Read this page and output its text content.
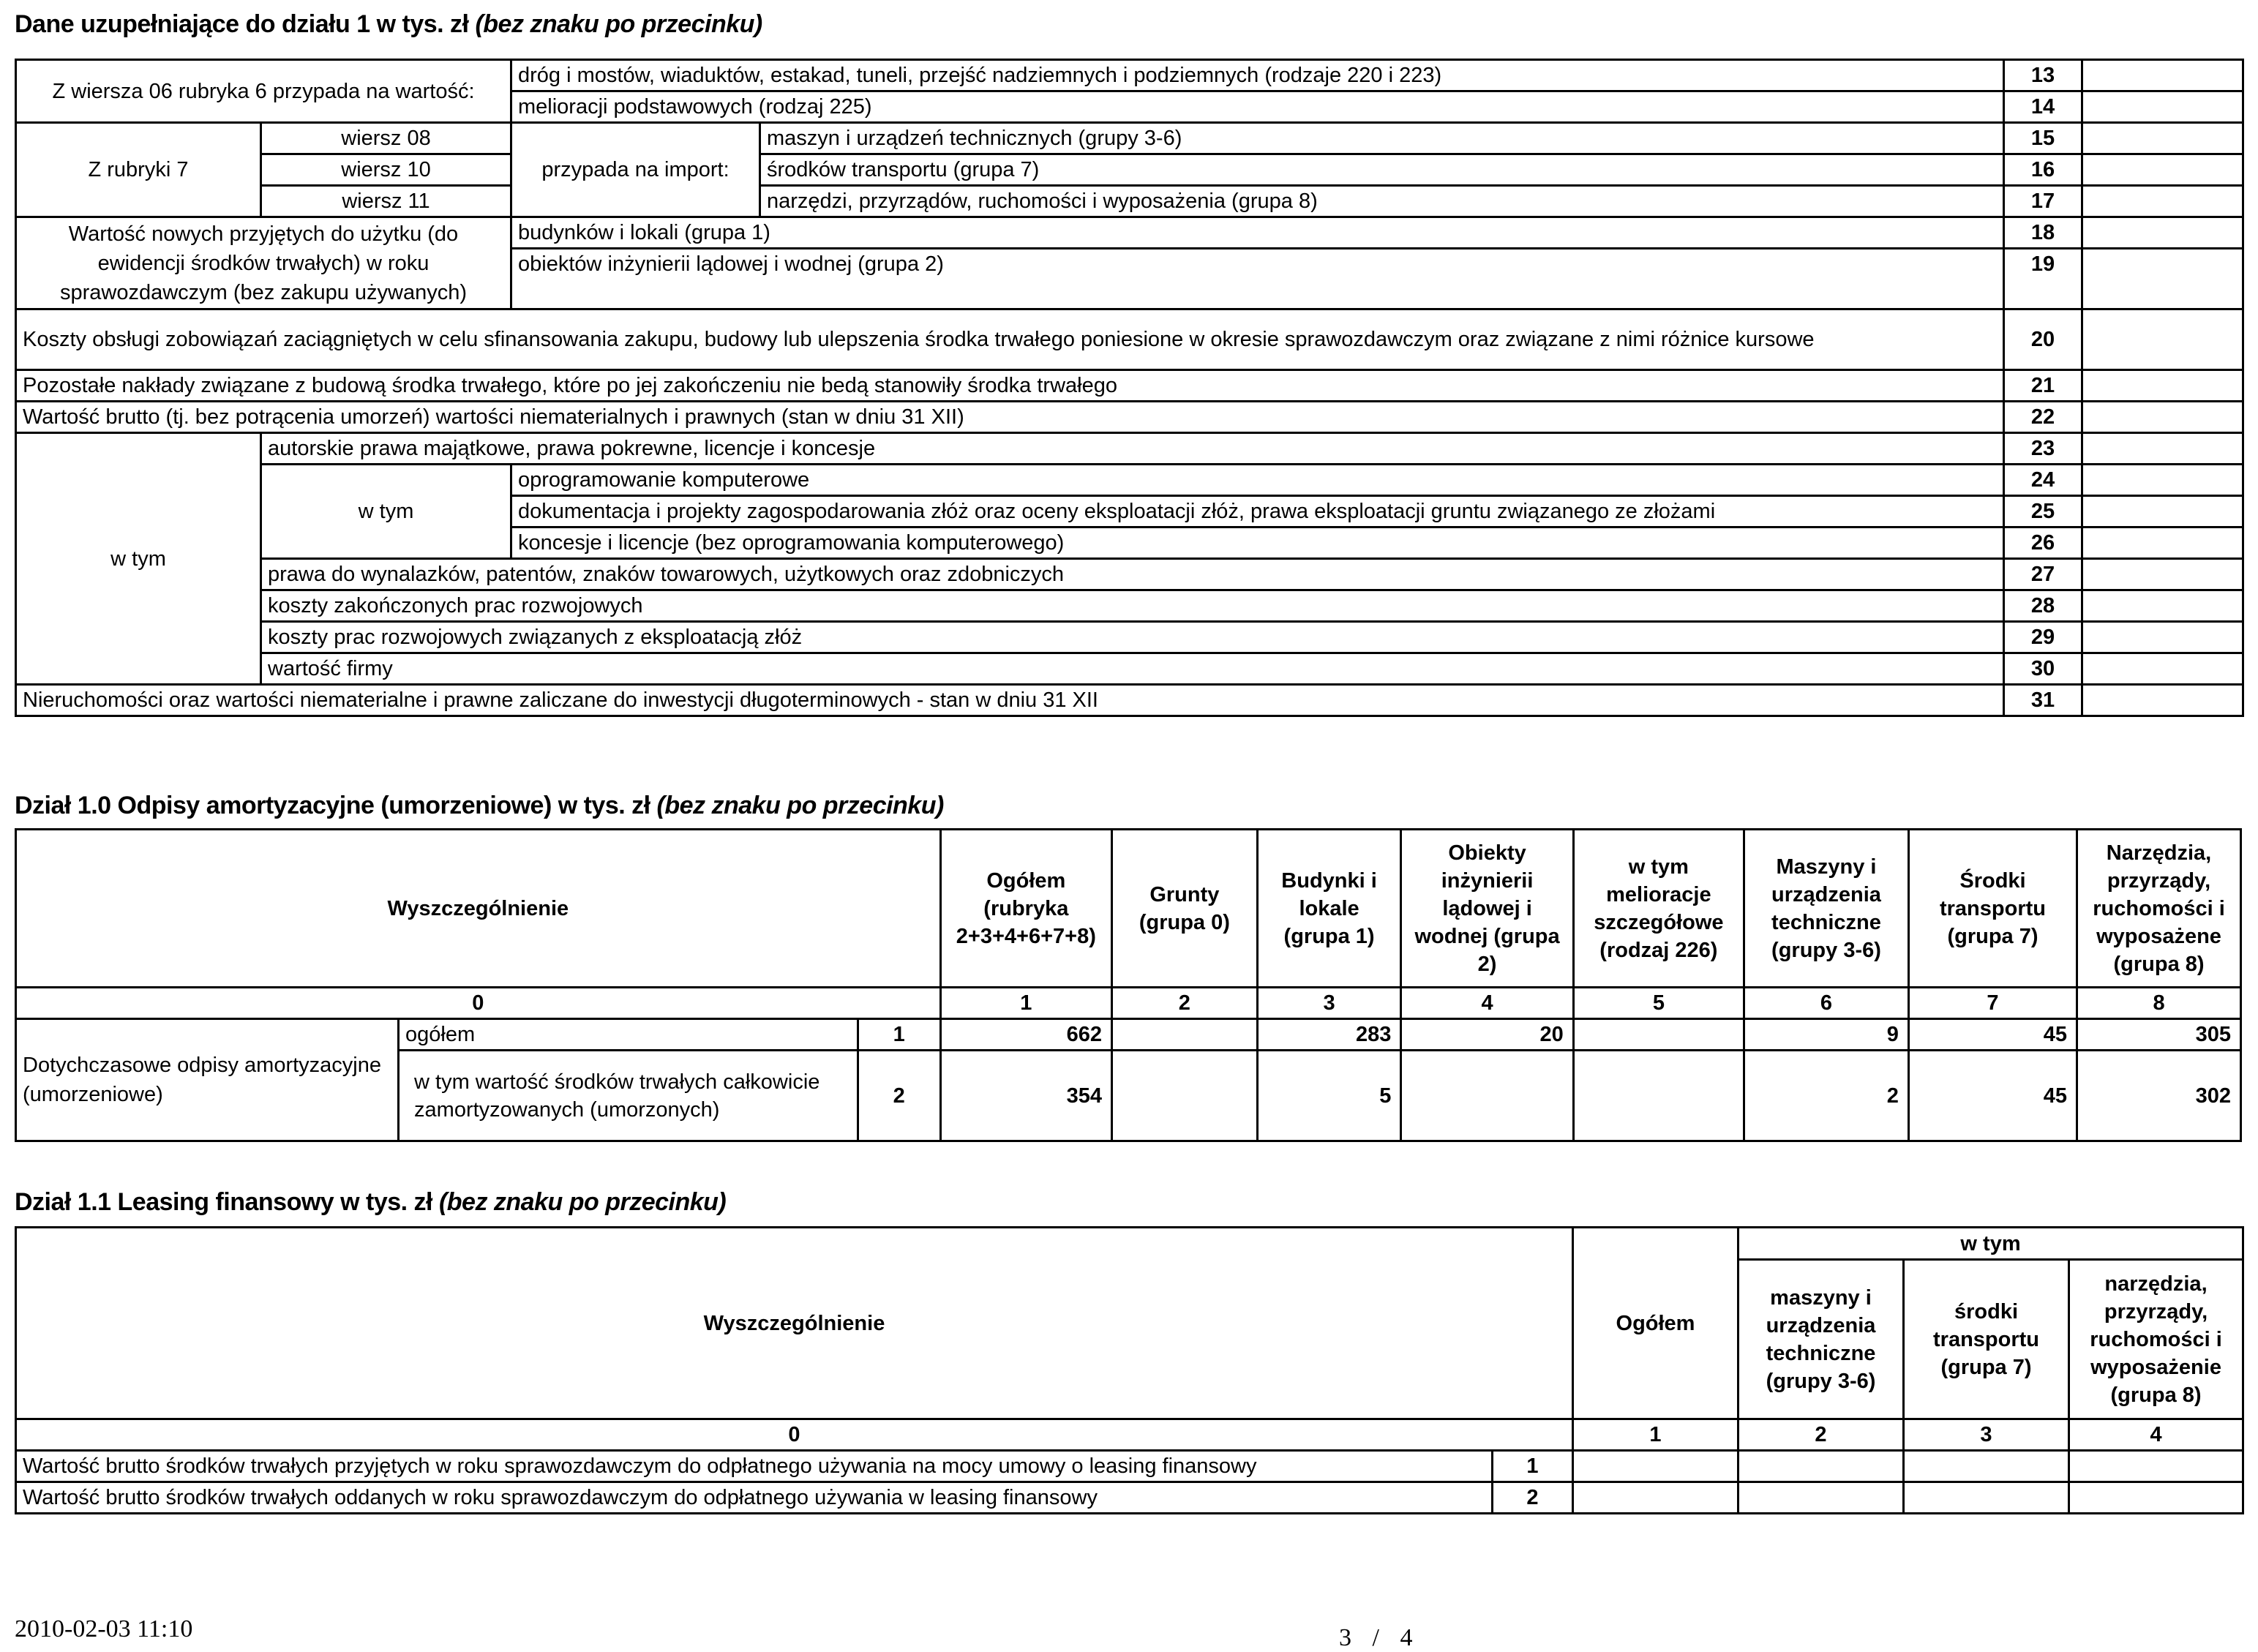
Dane uzupełniające do działu 1 w tys. zł (bez znaku po przecinku)
Z wiersza 06 rubryka 6 przypada na wartość:		dróg i mostów, wiaduktów, estakad, tuneli, przejść nadziemnych i podziemnych (rodzaje 220 i 223)		13	
		melioracji podstawowych (rodzaj 225)		14	
Z rubryki 7	wiersz 08	przypada na import:	maszyn i urządzeń technicznych (grupy 3-6)	15	
	wiersz 10		środków transportu (grupa 7)	16	
	wiersz 11		narzędzi, przyrządów, ruchomości i wyposażenia (grupa 8)	17	
Wartość nowych przyjętych do użytku (do ewidencji środków trwałych) w roku sprawozdawczym (bez zakupu używanych)		budynków i lokali (grupa 1)		18	
		obiektów inżynierii lądowej i wodnej (grupa 2)		19	
Koszty obsługi zobowiązań zaciągniętych w celu sfinansowania zakupu, budowy lub ulepszenia środka trwałego poniesione w okresie sprawozdawczym oraz związane z nimi różnice kursowe				20	
Pozostałe nakłady związane z budową środka trwałego, które po jej zakończeniu nie bedą stanowiły środka trwałego				21	
Wartość brutto (tj. bez potrącenia umorzeń) wartości niematerialnych i prawnych (stan w dniu 31 XII)				22	
w tym	autorskie prawa majątkowe, prawa pokrewne, licencje i koncesje			23	
	w tym	oprogramowanie komputerowe		24	
		dokumentacja i projekty zagospodarowania złóż oraz oceny eksploatacji złóż, prawa eksploatacji gruntu związanego ze złożami		25	
		koncesje i licencje (bez oprogramowania komputerowego)		26	
	prawa do wynalazków, patentów, znaków towarowych, użytkowych oraz zdobniczych			27	
	koszty zakończonych prac rozwojowych			28	
	koszty prac rozwojowych związanych z eksploatacją złóż			29	
	wartość firmy			30	
Nieruchomości oraz wartości niematerialne i prawne zaliczane do inwestycji długoterminowych - stan w dniu 31 XII				31	
Dział 1.0 Odpisy amortyzacyjne (umorzeniowe) w tys. zł (bez znaku po przecinku)
Wyszczególnienie			Ogółem (rubryka 2+3+4+6+7+8)	Grunty (grupa 0)	Budynki i lokale (grupa 1)	Obiekty inżynierii lądowej i wodnej (grupa 2)	w tym melioracje szczegółowe (rodzaj 226)	Maszyny i urządzenia techniczne (grupy 3-6)	Środki transportu (grupa 7)	Narzędzia, przyrządy, ruchomości i wyposażene (grupa 8)
0			1	2	3	4	5	6	7	8
Dotychczasowe odpisy amortyzacyjne (umorzeniowe)	ogółem	1	662		283	20		9	45	305
	w tym wartość środków trwałych całkowicie zamortyzowanych (umorzonych)	2	354		5			2	45	302
Dział 1.1 Leasing finansowy w tys. zł (bez znaku po przecinku)
Wyszczególnienie		Ogółem	w tym		
			maszyny i urządzenia techniczne (grupy 3-6)	środki transportu (grupa 7)	narzędzia, przyrządy, ruchomości i wyposażenie (grupa 8)
0		1	2	3	4
Wartość brutto środków trwałych przyjętych w roku sprawozdawczym do odpłatnego używania na mocy umowy o leasing finansowy	1				
Wartość brutto środków trwałych oddanych w roku sprawozdawczym do odpłatnego używania w leasing finansowy	2				
2010-02-03 11:10	3 / 4
